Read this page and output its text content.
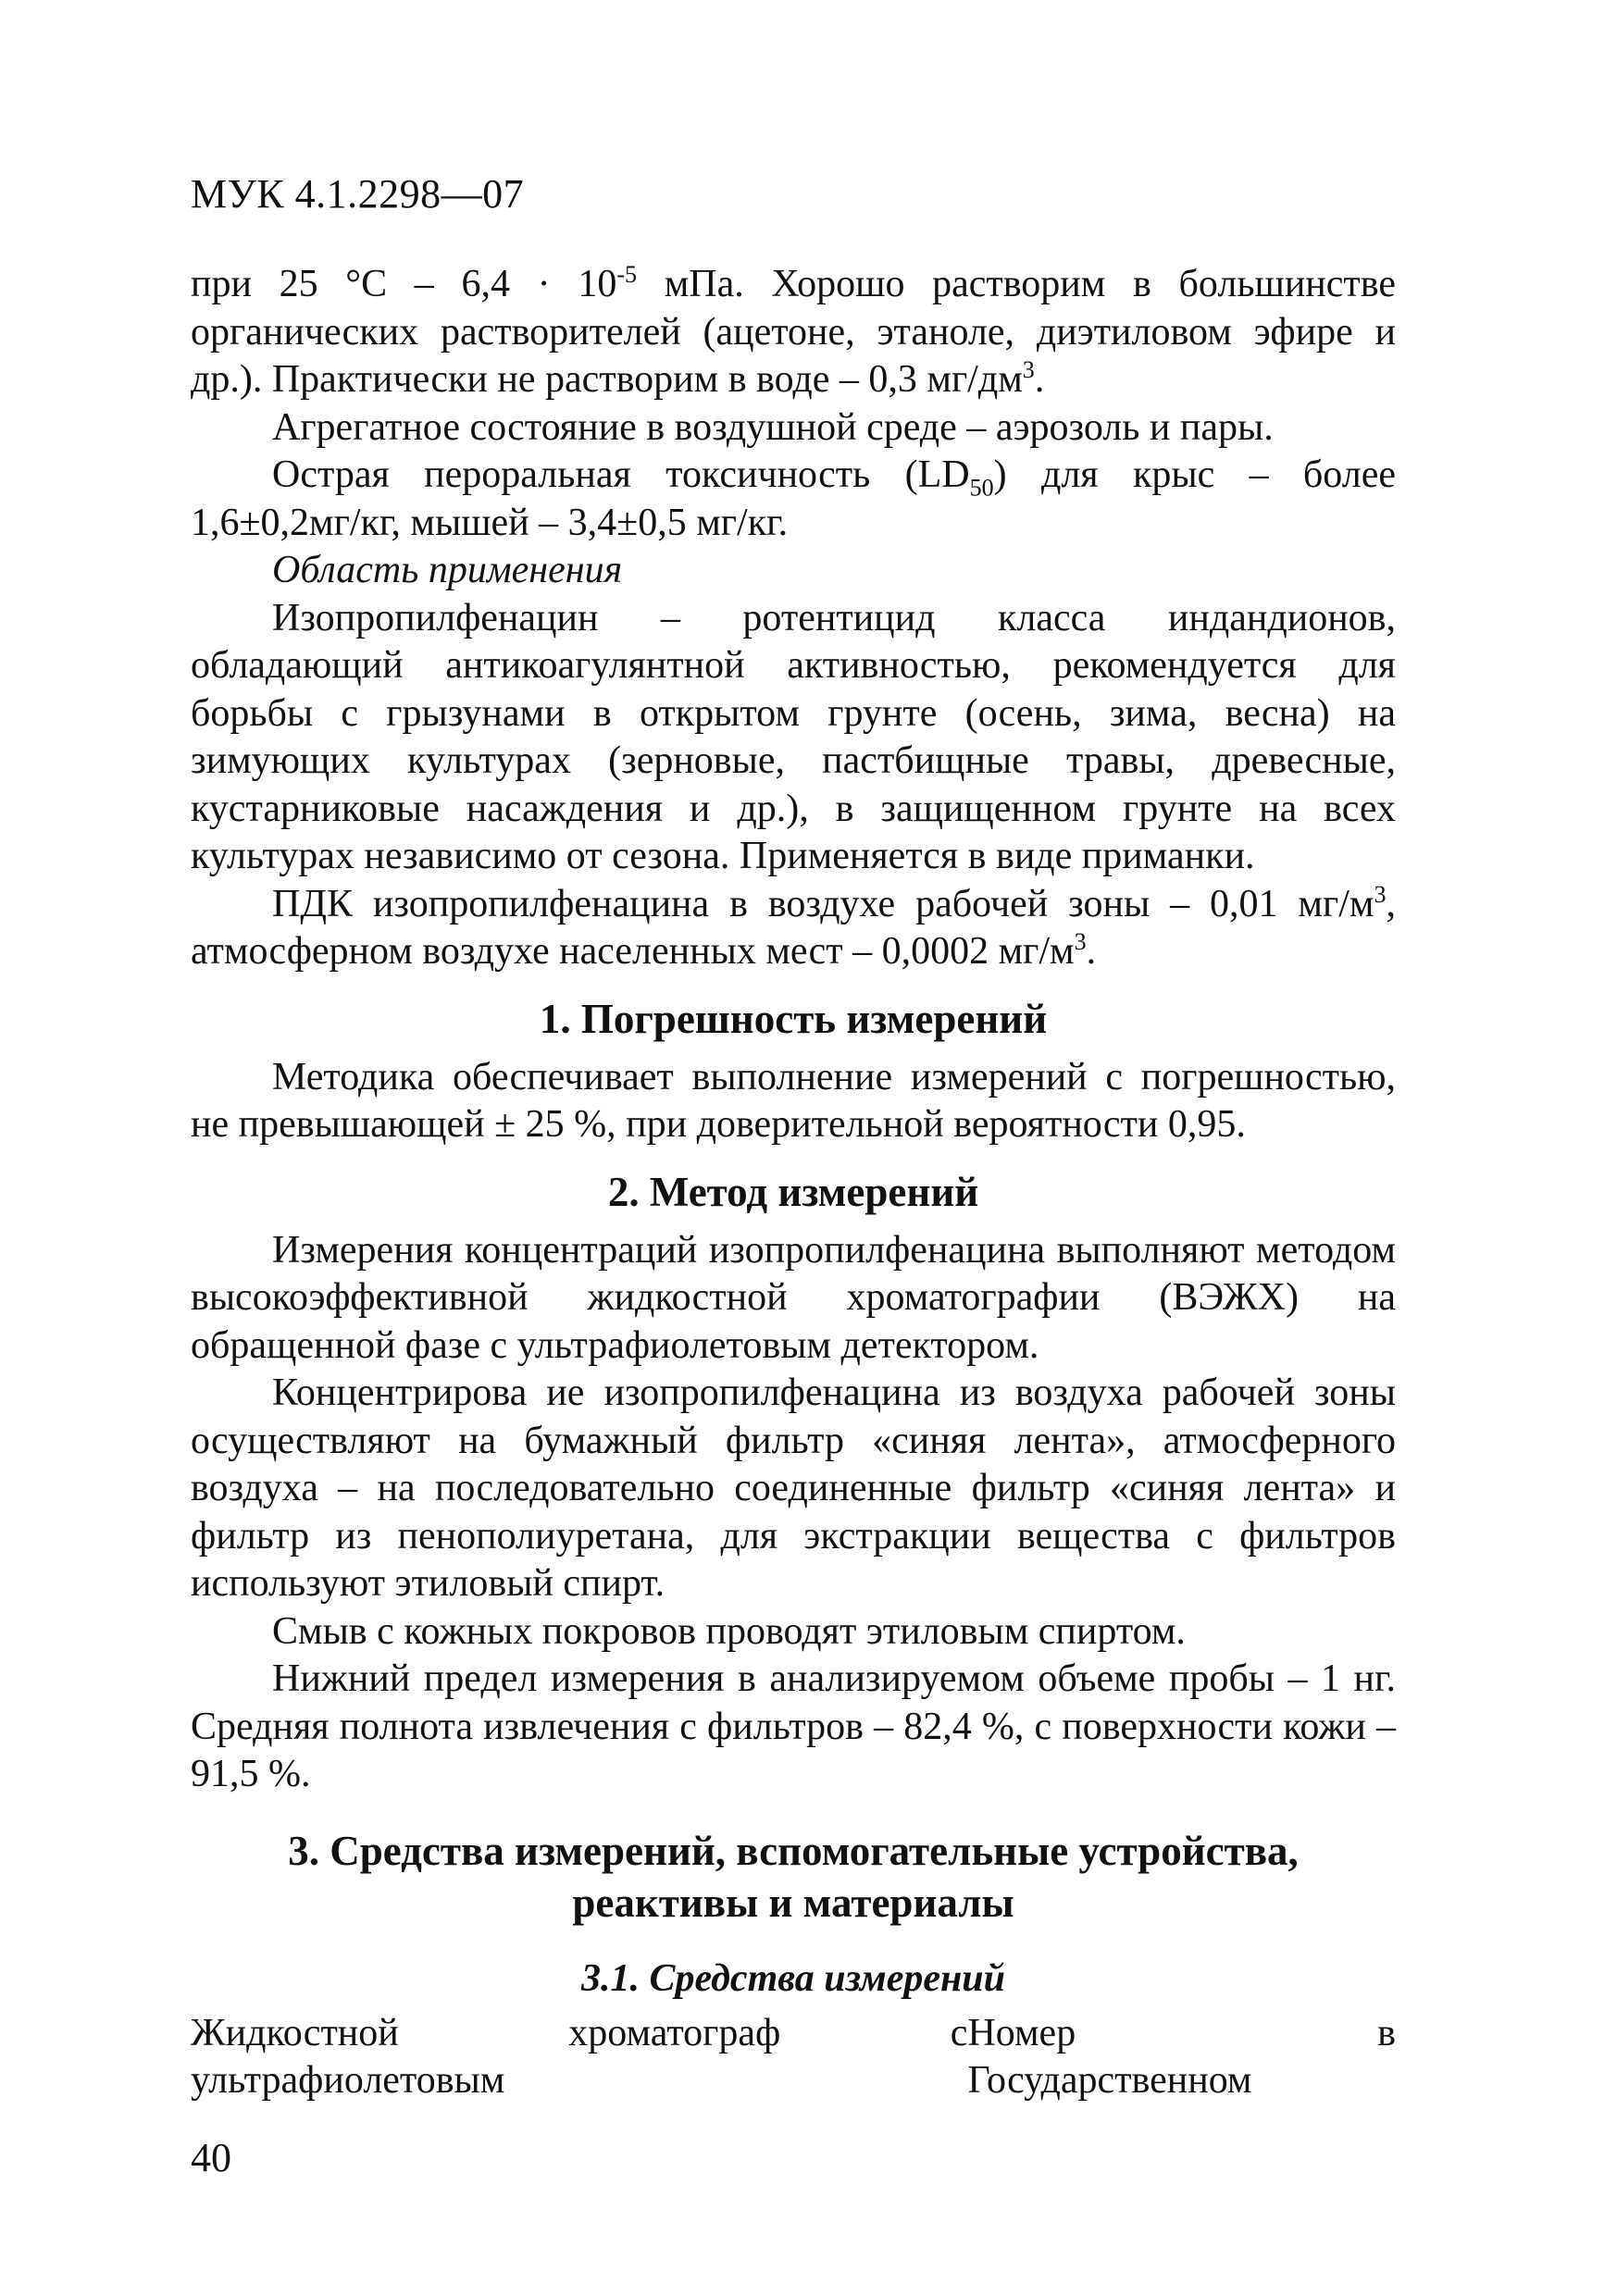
МУК 4.1.2298—07

при 25 $^\circ С - 6,4 \cdot 10^{-5}$ мПа. Хорошо растворим в большинстве органических растворителей (ацетоне, этаноле, диэтиловом эфире и др.). Практически не растворим в воде – 0,3 $мг/дм^3$.

Агрегатное состояние в воздушной среде – аэрозоль и пары.

Острая пероральная токсичность $(LD_{50})$ для крыс – более 1,6±0,2мг/кг, мышей – 3,4±0,5 мг/кг.

Область применения

Изопропилфенацин – ротентицид класса индандионов, обладающий антикоагулянтной активностью, рекомендуется для борьбы с грызунами в открытом грунте (осень, зима, весна) на зимующих культурах (зерновые, пастбищные травы, древесные, кустарниковые насаждения и др.), в защищенном грунте на всех культурах независимо от сезона. Применяется в виде приманки.

ПДК изопропилфенацина в воздухе рабочей зоны – 0,01 $мг/м^3$, атмосферном воздухе населенных мест – 0,0002 $мг/м^3$.

1. Погрешность измерений

Методика обеспечивает выполнение измерений с погрешностью, не превышающей ± 25 %, при доверительной вероятности 0,95.

2. Метод измерений

Измерения концентраций изопропилфенацина выполняют методом высокоэффективной жидкостной хроматографии (ВЭЖХ) на обращенной фазе с ультрафиолетовым детектором.

Концентрирова ие изопропилфенацина из воздуха рабочей зоны осуществляют на бумажный фильтр «синяя лента», атмосферного воздуха – на последовательно соединенные фильтр «синяя лента» и фильтр из пенополиуретана, для экстракции вещества с фильтров используют этиловый спирт.

Смыв с кожных покровов проводят этиловым спиртом.

Нижний предел измерения в анализируемом объеме пробы – 1 нг. Средняя полнота извлечения с фильтров – 82,4 %, с поверхности кожи – 91,5 %.

3. Средства измерений, вспомогательные устройства,
реактивы и материалы
3.1. Средства измерений
Жидкостной хроматограф с ультрафиолетовым
Номер в Государственном
40
